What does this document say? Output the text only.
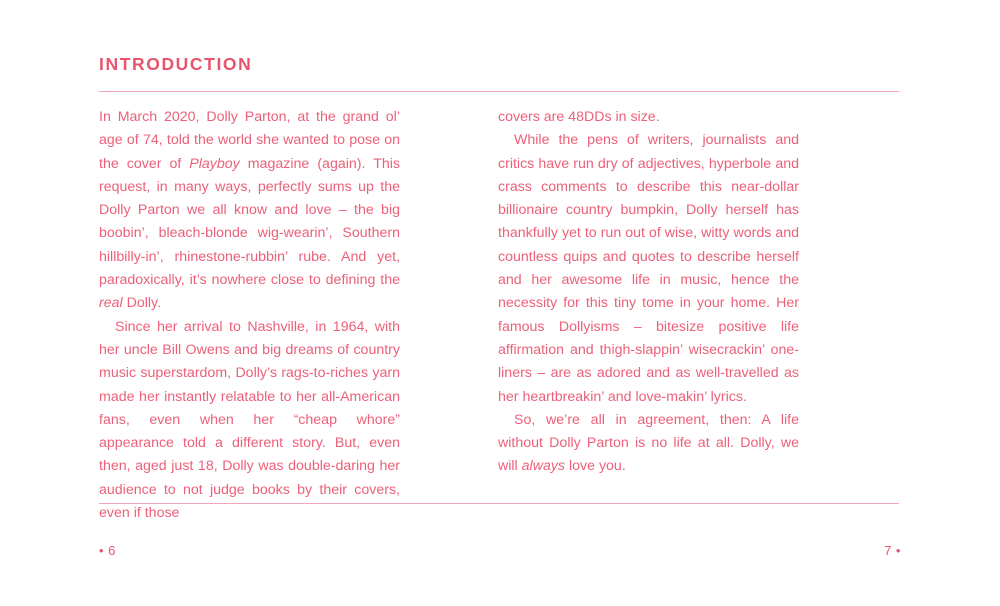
INTRODUCTION

In March 2020, Dolly Parton, at the grand ol’ age of 74, told the world she wanted to pose on the cover of Playboy magazine (again). This request, in many ways, perfectly sums up the Dolly Parton we all know and love – the big boobin’, bleach-blonde wig-wearin’, Southern hillbilly-in’, rhinestone-rubbin’ rube. And yet, paradoxically, it’s nowhere close to defining the real Dolly.

Since her arrival to Nashville, in 1964, with her uncle Bill Owens and big dreams of country music superstardom, Dolly’s rags-to-riches yarn made her instantly relatable to her all-American fans, even when her “cheap whore” appearance told a different story. But, even then, aged just 18, Dolly was double-daring her audience to not judge books by their covers, even if those

covers are 48DDs in size.

While the pens of writers, journalists and critics have run dry of adjectives, hyperbole and crass comments to describe this near-dollar billionaire country bumpkin, Dolly herself has thankfully yet to run out of wise, witty words and countless quips and quotes to describe herself and her awesome life in music, hence the necessity for this tiny tome in your home. Her famous Dollyisms – bitesize positive life affirmation and thigh-slappin’ wisecrackin’ one-liners – are as adored and as well-travelled as her heartbreakin’ and love-makin’ lyrics.

So, we’re all in agreement, then: A life without Dolly Parton is no life at all. Dolly, we will always love you.

• 6	7 •
